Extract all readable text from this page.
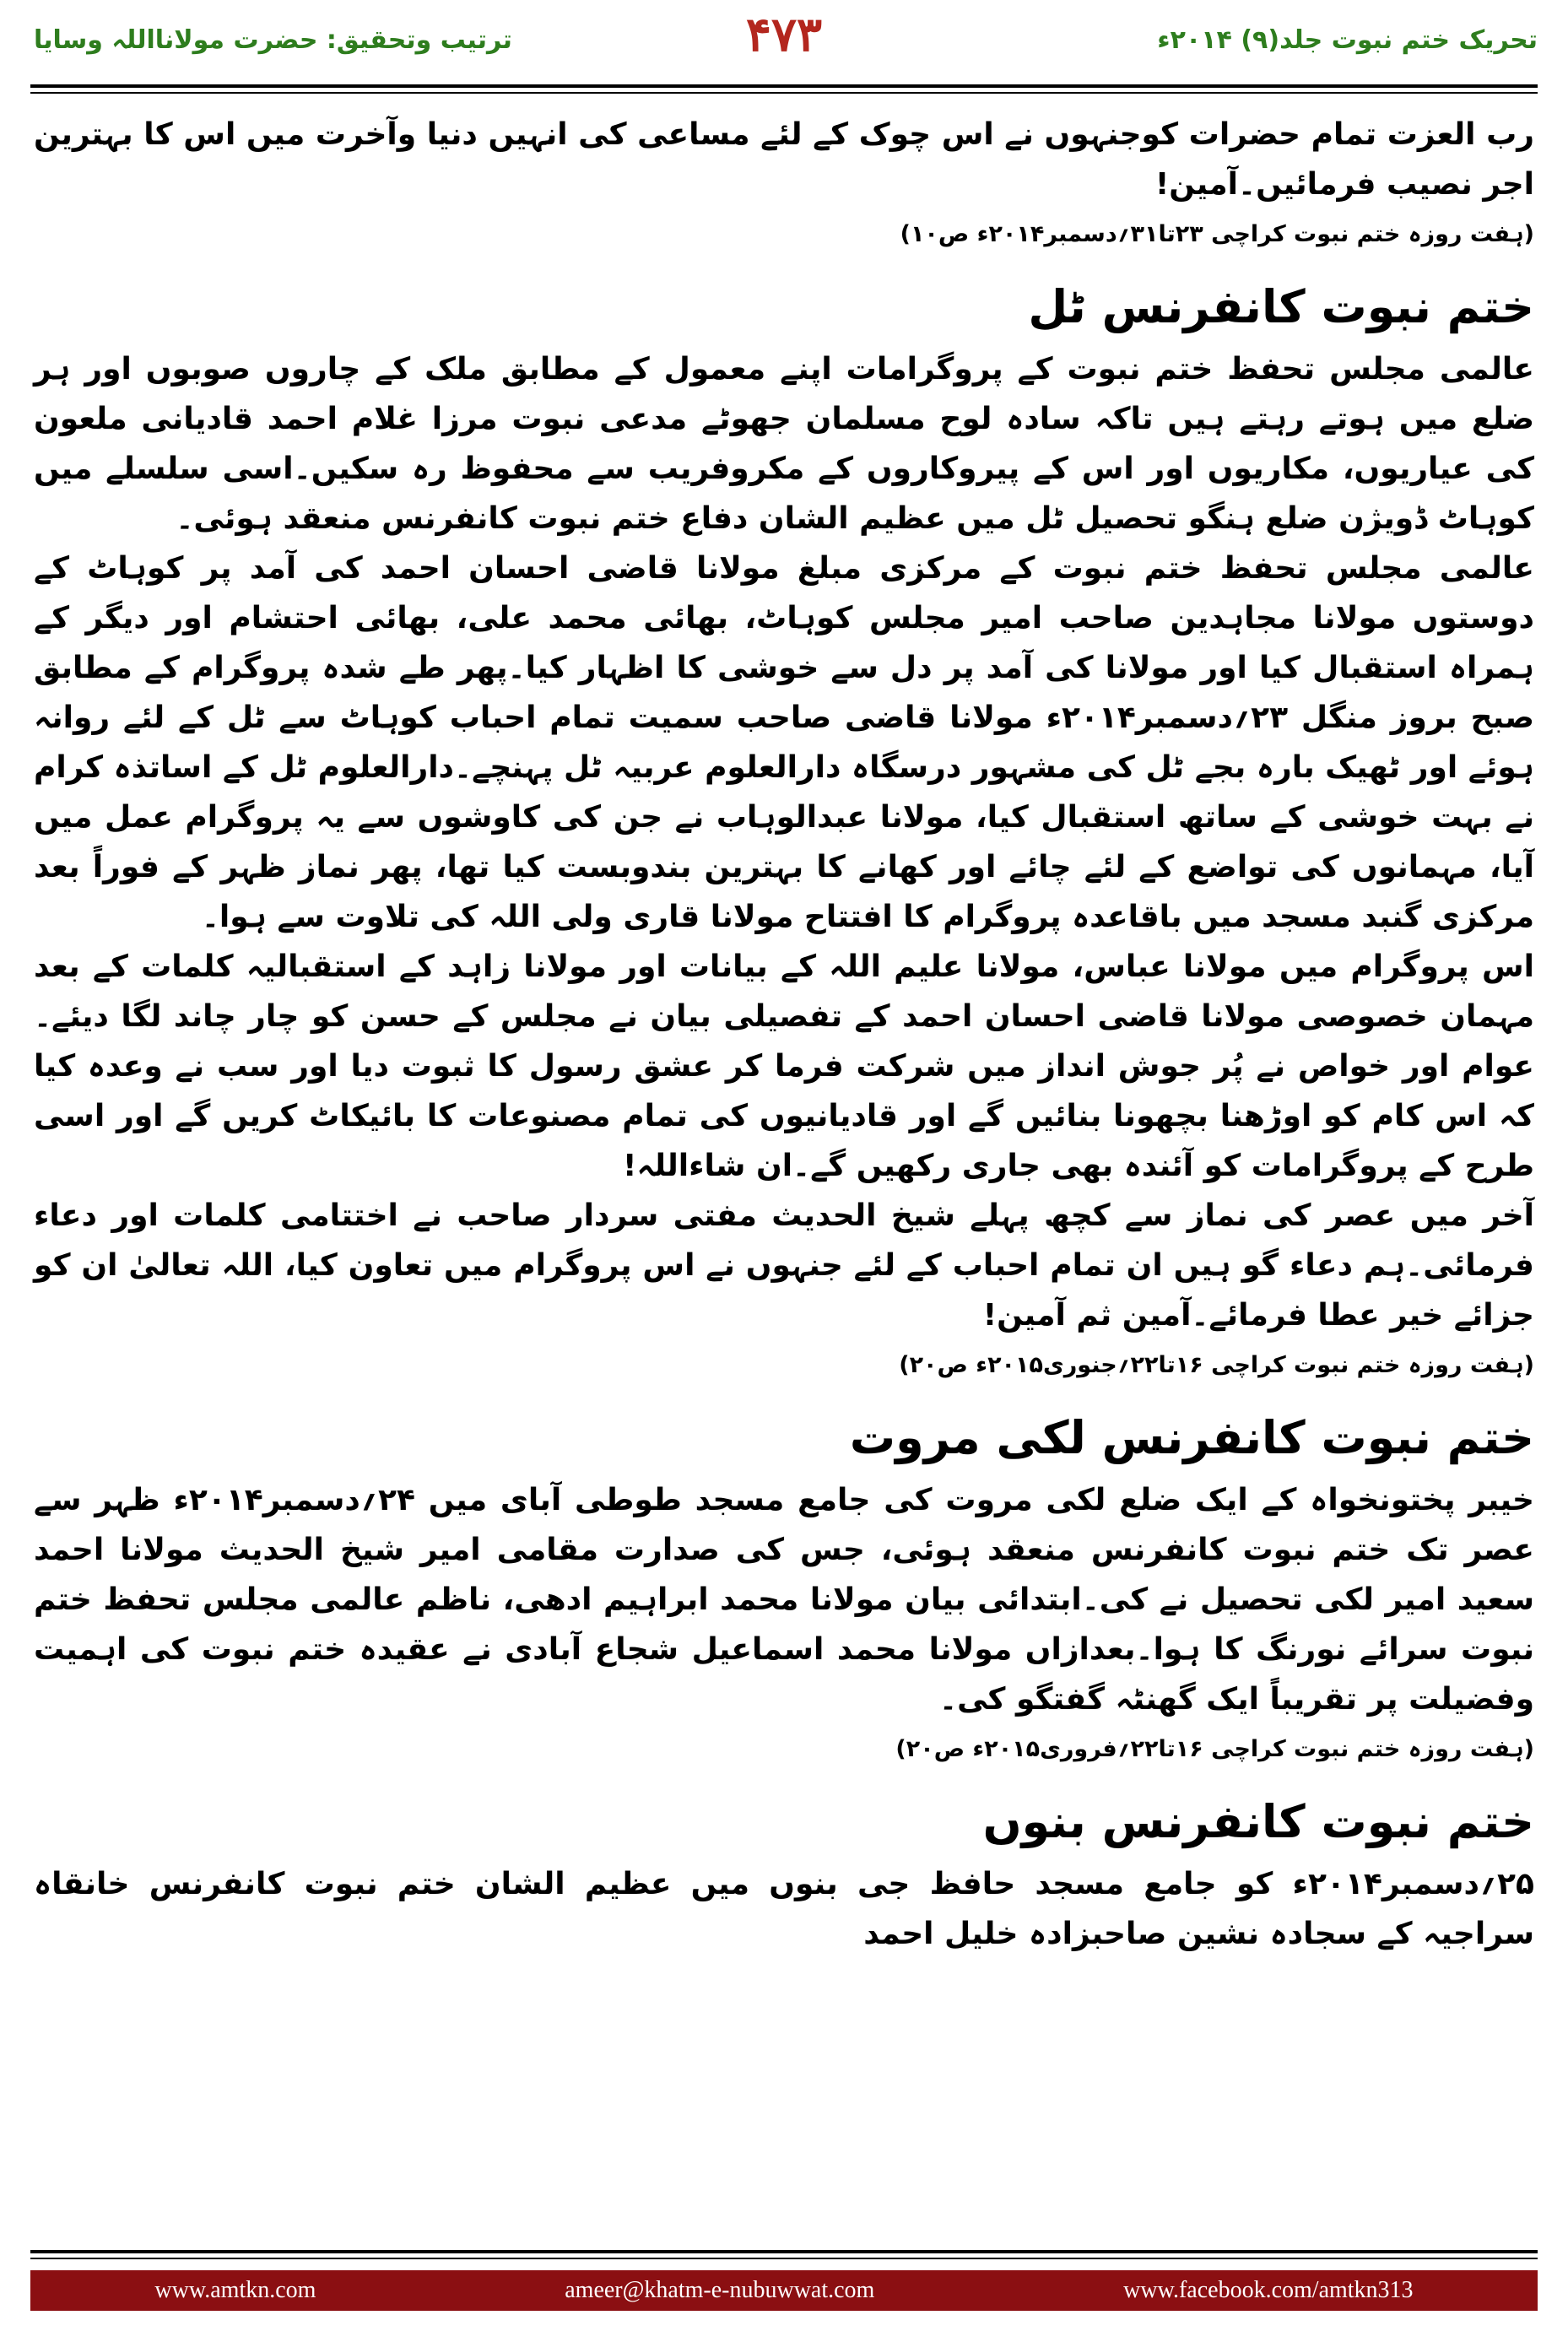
تحریک ختم نبوت جلد(۹) ۲۰۱۴ء
۴۷۳
ترتیب وتحقیق: حضرت مولانااللہ وسایا

رب العزت تمام حضرات کوجنہوں نے اس چوک کے لئے مساعی کی انہیں دنیا وآخرت میں اس کا بہترین اجر نصیب فرمائیں۔آمین!

(ہفت روزہ ختم نبوت کراچی ۲۳تا۳۱؍دسمبر۲۰۱۴ء ص۱۰)
ختم نبوت کانفرنس ٹل

عالمی مجلس تحفظ ختم نبوت کے پروگرامات اپنے معمول کے مطابق ملک کے چاروں صوبوں اور ہر ضلع میں ہوتے رہتے ہیں تاکہ سادہ لوح مسلمان جھوٹے مدعی نبوت مرزا غلام احمد قادیانی ملعون کی عیاریوں، مکاریوں اور اس کے پیروکاروں کے مکروفریب سے محفوظ رہ سکیں۔اسی سلسلے میں کوہاٹ ڈویژن ضلع ہنگو تحصیل ٹل میں عظیم الشان دفاع ختم نبوت کانفرنس منعقد ہوئی۔

عالمی مجلس تحفظ ختم نبوت کے مرکزی مبلغ مولانا قاضی احسان احمد کی آمد پر کوہاٹ کے دوستوں مولانا مجاہدین صاحب امیر مجلس کوہاٹ، بھائی محمد علی، بھائی احتشام اور دیگر کے ہمراہ استقبال کیا اور مولانا کی آمد پر دل سے خوشی کا اظہار کیا۔پھر طے شدہ پروگرام کے مطابق صبح بروز منگل ۲۳؍دسمبر۲۰۱۴ء مولانا قاضی صاحب سمیت تمام احباب کوہاٹ سے ٹل کے لئے روانہ ہوئے اور ٹھیک بارہ بجے ٹل کی مشہور درسگاہ دارالعلوم عربیہ ٹل پہنچے۔دارالعلوم ٹل کے اساتذہ کرام نے بہت خوشی کے ساتھ استقبال کیا، مولانا عبدالوہاب نے جن کی کاوشوں سے یہ پروگرام عمل میں آیا، مہمانوں کی تواضع کے لئے چائے اور کھانے کا بہترین بندوبست کیا تھا، پھر نماز ظہر کے فوراً بعد مرکزی گنبد مسجد میں باقاعدہ پروگرام کا افتتاح مولانا قاری ولی اللہ کی تلاوت سے ہوا۔

اس پروگرام میں مولانا عباس، مولانا علیم اللہ کے بیانات اور مولانا زاہد کے استقبالیہ کلمات کے بعد مہمان خصوصی مولانا قاضی احسان احمد کے تفصیلی بیان نے مجلس کے حسن کو چار چاند لگا دیئے۔عوام اور خواص نے پُر جوش انداز میں شرکت فرما کر عشق رسول کا ثبوت دیا اور سب نے وعدہ کیا کہ اس کام کو اوڑھنا بچھونا بنائیں گے اور قادیانیوں کی تمام مصنوعات کا بائیکاٹ کریں گے اور اسی طرح کے پروگرامات کو آئندہ بھی جاری رکھیں گے۔ان شاءاللہ!

آخر میں عصر کی نماز سے کچھ پہلے شیخ الحدیث مفتی سردار صاحب نے اختتامی کلمات اور دعاء فرمائی۔ہم دعاء گو ہیں ان تمام احباب کے لئے جنہوں نے اس پروگرام میں تعاون کیا، اللہ تعالیٰ ان کو جزائے خیر عطا فرمائے۔آمین ثم آمین!

(ہفت روزہ ختم نبوت کراچی ۱۶تا۲۲؍جنوری۲۰۱۵ء ص۲۰)
ختم نبوت کانفرنس لکی مروت

خیبر پختونخواہ کے ایک ضلع لکی مروت کی جامع مسجد طوطی آبای میں ۲۴؍دسمبر۲۰۱۴ء ظہر سے عصر تک ختم نبوت کانفرنس منعقد ہوئی، جس کی صدارت مقامی امیر شیخ الحدیث مولانا احمد سعید امیر لکی تحصیل نے کی۔ابتدائی بیان مولانا محمد ابراہیم ادھی، ناظم عالمی مجلس تحفظ ختم نبوت سرائے نورنگ کا ہوا۔بعدازاں مولانا محمد اسماعیل شجاع آبادی نے عقیدہ ختم نبوت کی اہمیت وفضیلت پر تقریباً ایک گھنٹہ گفتگو کی۔

(ہفت روزہ ختم نبوت کراچی ۱۶تا۲۲؍فروری۲۰۱۵ء ص۲۰)
ختم نبوت کانفرنس بنوں

۲۵؍دسمبر۲۰۱۴ء کو جامع مسجد حافظ جی بنوں میں عظیم الشان ختم نبوت کانفرنس خانقاہ سراجیہ کے سجادہ نشین صاحبزادہ خلیل احمد

www.amtkn.com	ameer@khatm-e-nubuwwat.com	www.facebook.com/amtkn313
